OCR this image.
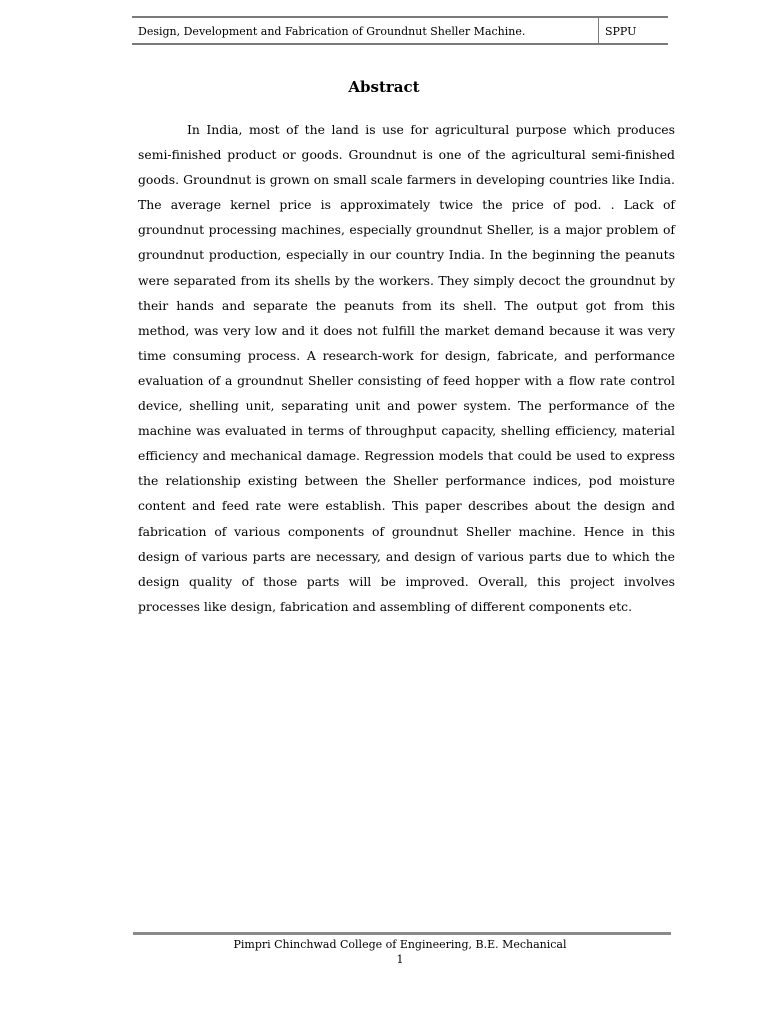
Design, Development and Fabrication of Groundnut Sheller Machine.	SPPU
Abstract

In India, most of the land is use for agricultural purpose which produces semi-finished product or goods. Groundnut is one of the agricultural semi-finished goods. Groundnut is grown on small scale farmers in developing countries like India. The average kernel price is approximately twice the price of pod. . Lack of groundnut processing machines, especially groundnut Sheller, is a major problem of groundnut production, especially in our country India. In the beginning the peanuts were separated from its shells by the workers. They simply decoct the groundnut by their hands and separate the peanuts from its shell. The output got from this method, was very low and it does not fulfill the market demand because it was very time consuming process. A research-work for design, fabricate, and performance evaluation of a groundnut Sheller consisting of feed hopper with a flow rate control device, shelling unit, separating unit and power system. The performance of the machine was evaluated in terms of throughput capacity, shelling efficiency, material efficiency and mechanical damage. Regression models that could be used to express the relationship existing between the Sheller performance indices, pod moisture content and feed rate were establish. This paper describes about the design and fabrication of various components of groundnut Sheller machine. Hence in this design of various parts are necessary, and design of various parts due to which the design quality of those parts will be improved. Overall, this project involves processes like design, fabrication and assembling of different components etc.

Pimpri Chinchwad College of Engineering, B.E. Mechanical
1
